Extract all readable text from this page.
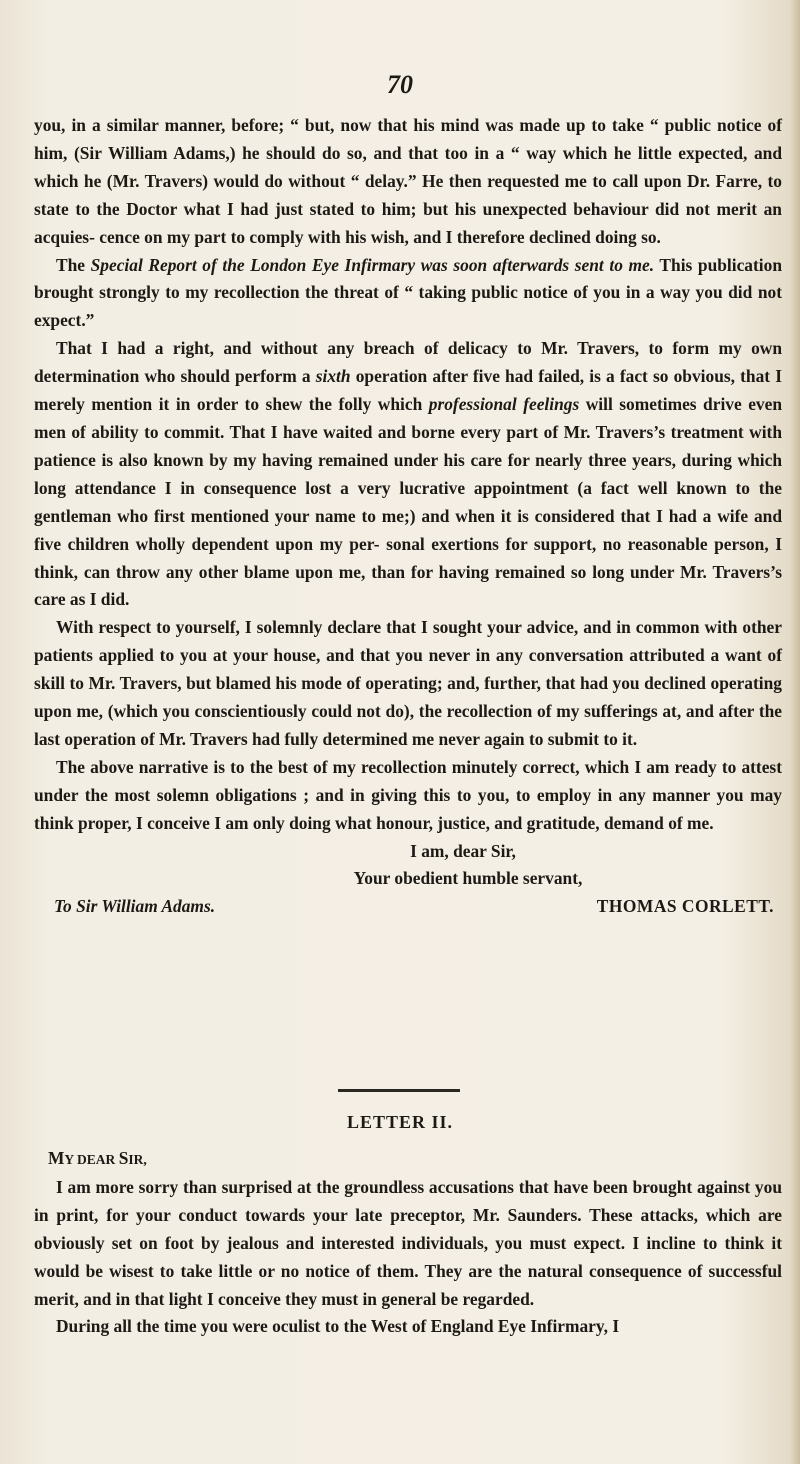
70

you, in a similar manner, before; “ but, now that his mind was made up to take “ public notice of him, (Sir William Adams,) he should do so, and that too in a “ way which he little expected, and which he (Mr. Travers) would do without “ delay.” He then requested me to call upon Dr. Farre, to state to the Doctor what I had just stated to him; but his unexpected behaviour did not merit an acquies- cence on my part to comply with his wish, and I therefore declined doing so.

The Special Report of the London Eye Infirmary was soon afterwards sent to me. This publication brought strongly to my recollection the threat of “ taking public notice of you in a way you did not expect.”

That I had a right, and without any breach of delicacy to Mr. Travers, to form my own determination who should perform a sixth operation after five had failed, is a fact so obvious, that I merely mention it in order to shew the folly which professional feelings will sometimes drive even men of ability to commit. That I have waited and borne every part of Mr. Travers’s treatment with patience is also known by my having remained under his care for nearly three years, during which long attendance I in consequence lost a very lucrative appointment (a fact well known to the gentleman who first mentioned your name to me;) and when it is considered that I had a wife and five children wholly dependent upon my per- sonal exertions for support, no reasonable person, I think, can throw any other blame upon me, than for having remained so long under Mr. Travers’s care as I did.

With respect to yourself, I solemnly declare that I sought your advice, and in common with other patients applied to you at your house, and that you never in any conversation attributed a want of skill to Mr. Travers, but blamed his mode of operating; and, further, that had you declined operating upon me, (which you conscientiously could not do), the recollection of my sufferings at, and after the last operation of Mr. Travers had fully determined me never again to submit to it.

The above narrative is to the best of my recollection minutely correct, which I am ready to attest under the most solemn obligations ; and in giving this to you, to employ in any manner you may think proper, I conceive I am only doing what honour, justice, and gratitude, demand of me.

I am, dear Sir,

Your obedient humble servant,

To Sir William Adams.	THOMAS CORLETT.
LETTER II.

MY DEAR SIR,

I am more sorry than surprised at the groundless accusations that have been brought against you in print, for your conduct towards your late preceptor, Mr. Saunders. These attacks, which are obviously set on foot by jealous and interested individuals, you must expect. I incline to think it would be wisest to take little or no notice of them. They are the natural consequence of successful merit, and in that light I conceive they must in general be regarded.

During all the time you were oculist to the West of England Eye Infirmary, I
